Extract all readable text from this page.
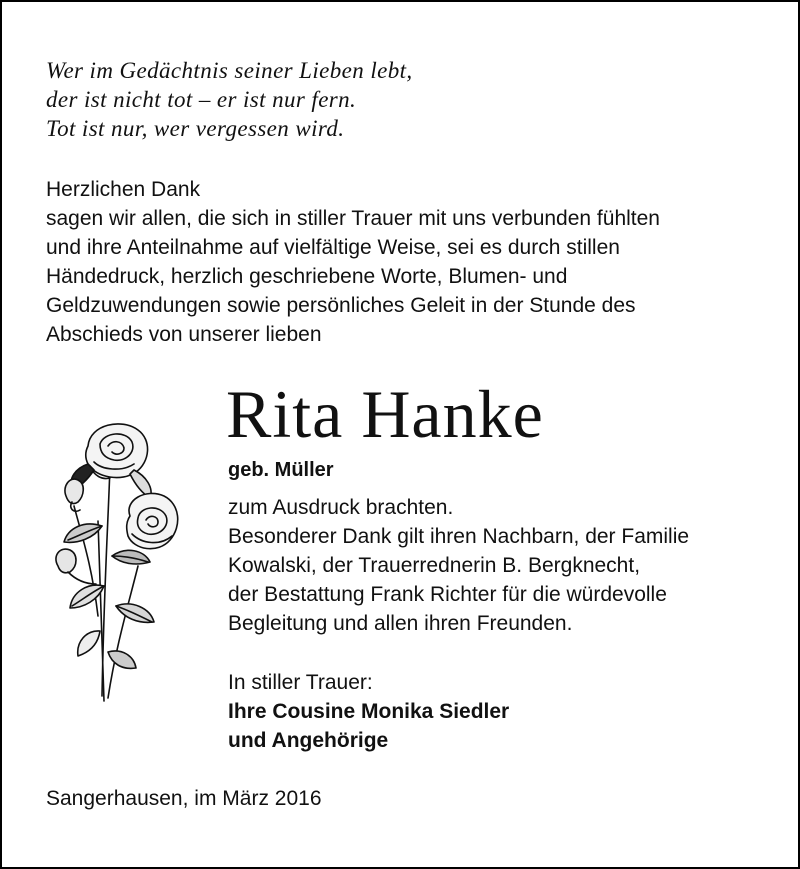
Wer im Gedächtnis seiner Lieben lebt,
der ist nicht tot – er ist nur fern.
Tot ist nur, wer vergessen wird.
Herzlichen Dank
sagen wir allen, die sich in stiller Trauer mit uns verbunden fühlten
und ihre Anteilnahme auf vielfältige Weise, sei es durch stillen
Händedruck, herzlich geschriebene Worte, Blumen- und
Geldzuwendungen sowie persönliches Geleit in der Stunde des
Abschieds von unserer lieben
Rita Hanke
geb. Müller
zum Ausdruck brachten.
Besonderer Dank gilt ihren Nachbarn, der Familie
Kowalski, der Trauerrednerin B. Bergknecht,
der Bestattung Frank Richter für die würdevolle
Begleitung und allen ihren Freunden.
In stiller Trauer:
Ihre Cousine Monika Siedler
und Angehörige
Sangerhausen, im März 2016
